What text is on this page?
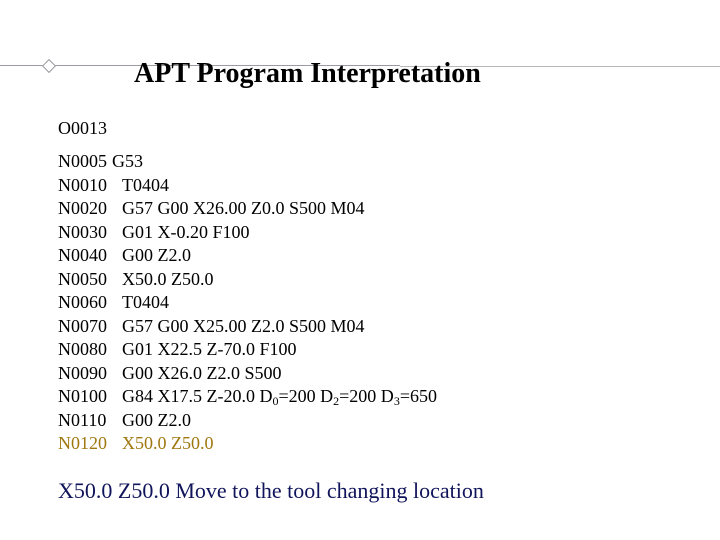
APT Program Interpretation
O0013
N0005 G53
N0010 T0404
N0020 G57 G00 X26.00 Z0.0 S500 M04
N0030 G01 X-0.20 F100
N0040 G00 Z2.0
N0050 X50.0 Z50.0
N0060 T0404
N0070 G57 G00 X25.00 Z2.0 S500 M04
N0080 G01 X22.5 Z-70.0 F100
N0090 G00 X26.0 Z2.0 S500
N0100 G84 X17.5 Z-20.0 $D_0=200$ $D_2=200$ $D_3=650$
N0110 G00 Z2.0
N0120 X50.0 Z50.0
X50.0 Z50.0 Move to the tool changing location
